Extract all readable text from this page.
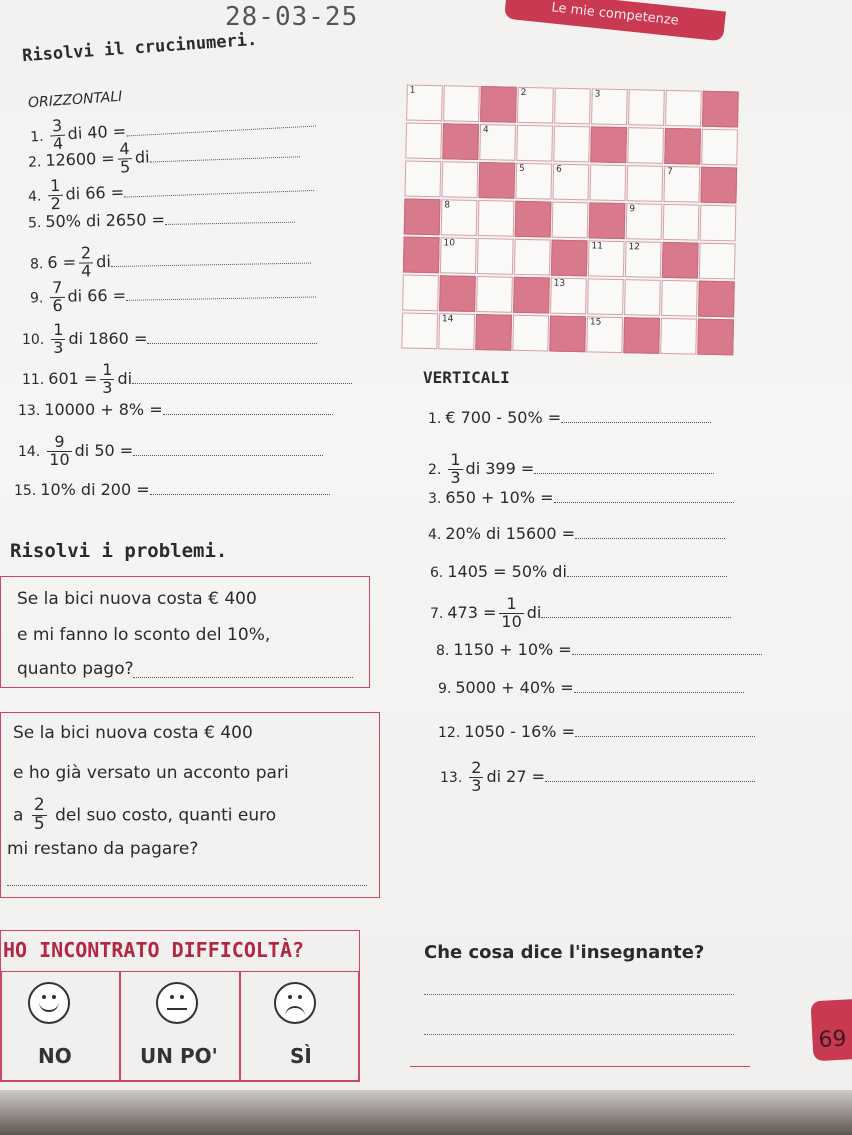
28-03-25	Le mie competenze
Risolvi il crucinumeri.
ORIZZONTALI
1. $\frac{3}{4}$ di 40 =
2. $12600 = \frac{4}{5}$ di
4. $\frac{1}{2}$ di 66 =
5. 50% di 2650 =
8. $6 = \frac{2}{4}$ di
9. $\frac{7}{6}$ di 66 =
10. $\frac{1}{3}$ di 1860 =
11. $601 = \frac{1}{3}$ di
13. 10000 + 8% =
14. $\frac{9}{10}$ di 50 =
15. 10% di 200 =
1	2	3
4
5	6	7
8	9
10	11	12
13
14	15
VERTICALI
1. € 700 - 50% =
2. $\frac{1}{3}$ di 399 =
3. 650 + 10% =
4. 20% di 15600 =
6. 1405 = 50% di
7. $473 = \frac{1}{10}$ di
8. 1150 + 10% =
9. 5000 + 40% =
12. 1050 - 16% =
13. $\frac{2}{3}$ di 27 =
Risolvi i problemi.
Se la bici nuova costa € 400
e mi fanno lo sconto del 10%,
quanto pago?
Se la bici nuova costa € 400
e ho già versato un acconto pari
a $\frac{2}{5}$ del suo costo, quanti euro
mi restano da pagare?
HO INCONTRATO DIFFICOLTÀ?
NO	UN PO'	SÌ
Che cosa dice l'insegnante?
69
